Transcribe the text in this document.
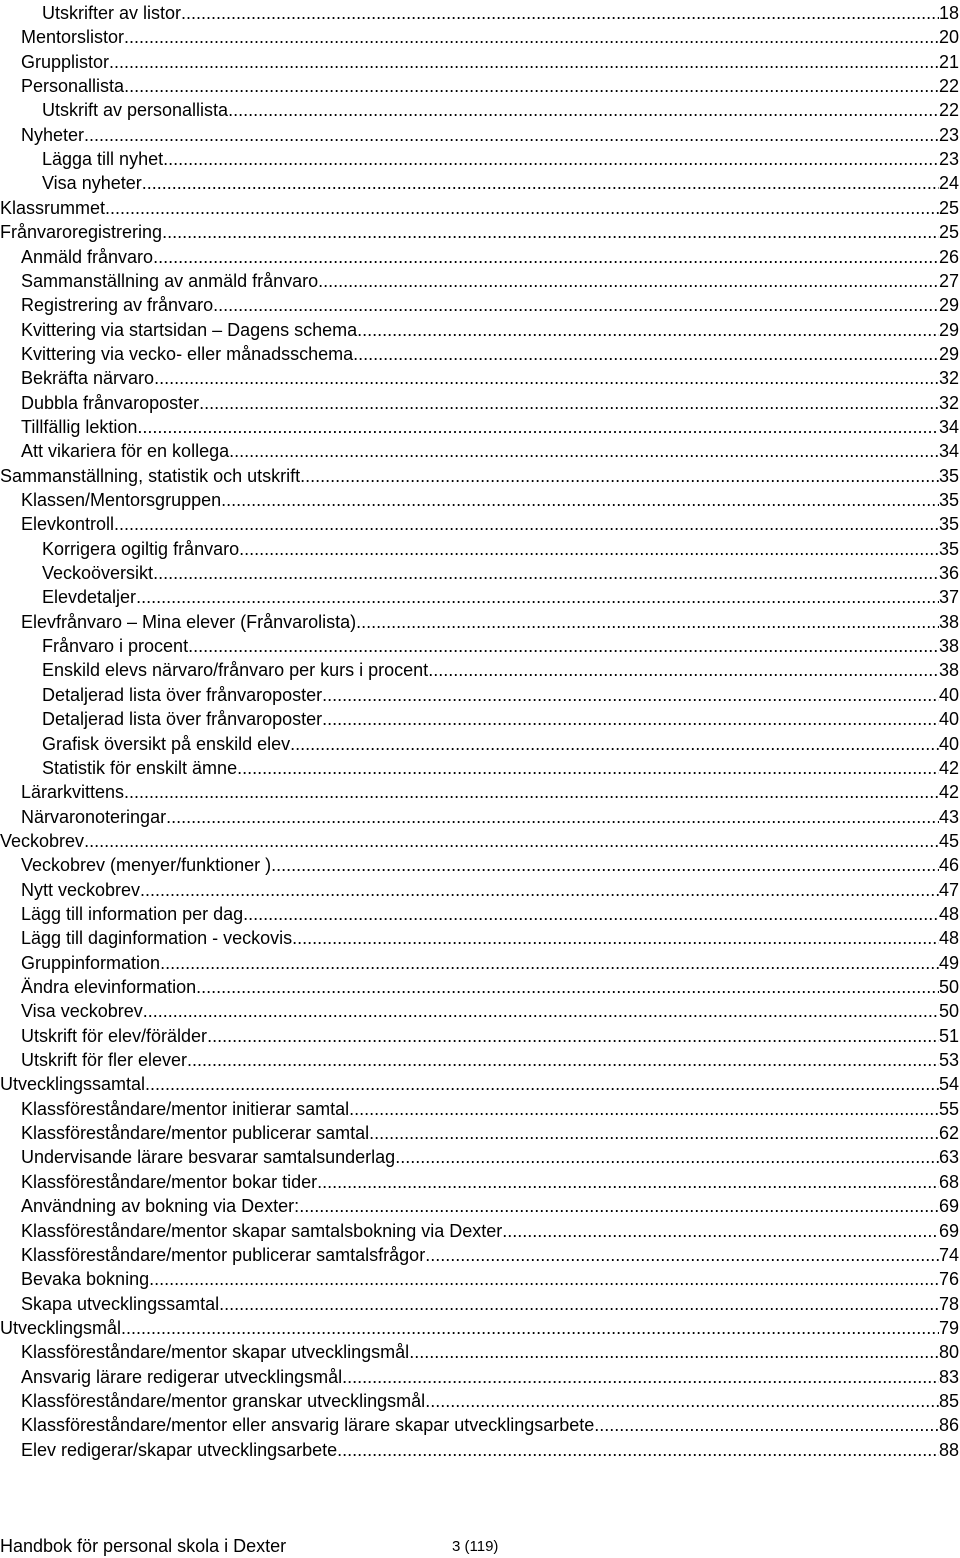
Utskrifter av listor .....	18
Mentorslistor .....	20
Grupplistor .....	21
Personallista .....	22
Utskrift av personallista .....	22
Nyheter .....	23
Lägga till nyhet .....	23
Visa nyheter .....	24
Klassrummet .....	25
Frånvaroregistrering .....	25
Anmäld frånvaro .....	26
Sammanställning av anmäld frånvaro .....	27
Registrering av frånvaro .....	29
Kvittering via startsidan – Dagens schema .....	29
Kvittering via vecko- eller månadsschema .....	29
Bekräfta närvaro .....	32
Dubbla frånvaroposter .....	32
Tillfällig lektion .....	34
Att vikariera för en kollega. .....	34
Sammanställning, statistik och utskrift .....	35
Klassen/Mentorsgruppen .....	35
Elevkontroll .....	35
Korrigera ogiltig frånvaro .....	35
Veckoöversikt .....	36
Elevdetaljer .....	37
Elevfrånvaro – Mina elever (Frånvarolista) .....	38
Frånvaro i procent .....	38
Enskild elevs närvaro/frånvaro per kurs i procent .....	38
Detaljerad lista över frånvaroposter .....	40
Detaljerad lista över frånvaroposter .....	40
Grafisk översikt på enskild elev .....	40
Statistik för enskilt ämne .....	42
Lärarkvittens .....	42
Närvaronoteringar .....	43
Veckobrev .....	45
Veckobrev (menyer/funktioner ) .....	46
Nytt veckobrev .....	47
Lägg till information per dag .....	48
Lägg till daginformation - veckovis .....	48
Gruppinformation .....	49
Ändra elevinformation .....	50
Visa veckobrev .....	50
Utskrift för elev/förälder .....	51
Utskrift för fler elever .....	53
Utvecklingssamtal .....	54
Klassföreståndare/mentor initierar samtal .....	55
Klassföreståndare/mentor publicerar samtal .....	62
Undervisande lärare besvarar samtalsunderlag .....	63
Klassföreståndare/mentor bokar tider .....	68
Användning av bokning via Dexter: .....	69
Klassföreståndare/mentor skapar samtalsbokning via Dexter .....	69
Klassföreståndare/mentor publicerar samtalsfrågor .....	74
Bevaka bokning .....	76
Skapa utvecklingssamtal .....	78
Utvecklingsmål .....	79
Klassföreståndare/mentor skapar utvecklingsmål .....	80
Ansvarig lärare redigerar utvecklingsmål .....	83
Klassföreståndare/mentor granskar utvecklingsmål .....	85
Klassföreståndare/mentor eller ansvarig lärare skapar utvecklingsarbete .....	86
Elev redigerar/skapar utvecklingsarbete .....	88
Handbok för personal skola i Dexter	3 (119)
